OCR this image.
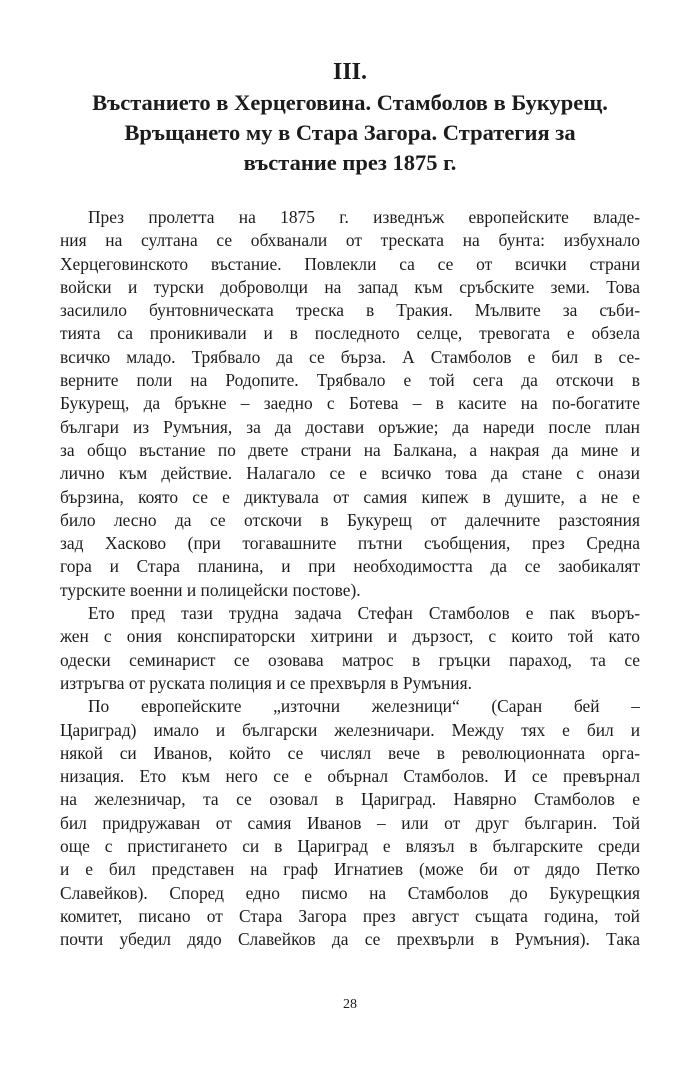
III.

Въстанието в Херцеговина. Стамболов в Букурещ.
Връщането му в Стара Загора. Стратегия за
въстание през 1875 г.

През пролетта на 1875 г. изведнъж европейските владе-
ния на султана се обхванали от треската на бунта: избухнало
Херцеговинското въстание. Повлекли са се от всички страни
войски и турски доброволци на запад към сръбските земи. Това
засилило бунтовническата треска в Тракия. Мълвите за съби-
тията са проникивали и в последното селце, тревогата е обзела
всичко младо. Трябвало да се бърза. А Стамболов е бил в се-
верните поли на Родопите. Трябвало е той сега да отскочи в
Букурещ, да бръкне – заедно с Ботева – в касите на по-богатите
българи из Румъния, за да достави оръжие; да нареди после план
за общо въстание по двете страни на Балкана, а накрая да мине и
лично към действие. Налагало се е всичко това да стане с онази
бързина, която се е диктувала от самия кипеж в душите, а не е
било лесно да се отскочи в Букурещ от далечните разстояния
зад Хасково (при тогавашните пътни съобщения, през Средна
гора и Стара планина, и при необходимостта да се заобикалят
турските военни и полицейски постове).

Ето пред тази трудна задача Стефан Стамболов е пак въоръ-
жен с ония конспираторски хитрини и дързост, с които той като
одески семинарист се озовава матрос в гръцки параход, та се
изтръгва от руската полиция и се прехвърля в Румъния.

По европейските „източни железници“ (Саран бей –
Цариград) имало и български железничари. Между тях е бил и
някой си Иванов, който се числял вече в революционната орга-
низация. Ето към него се е обърнал Стамболов. И се превърнал
на железничар, та се озовал в Цариград. Навярно Стамболов е
бил придружаван от самия Иванов – или от друг българин. Той
още с пристигането си в Цариград е влязъл в българските среди
и е бил представен на граф Игнатиев (може би от дядо Петко
Славейков). Според едно писмо на Стамболов до Букурещкия
комитет, писано от Стара Загора през август същата година, той
почти убедил дядо Славейков да се прехвърли в Румъния). Така

28
